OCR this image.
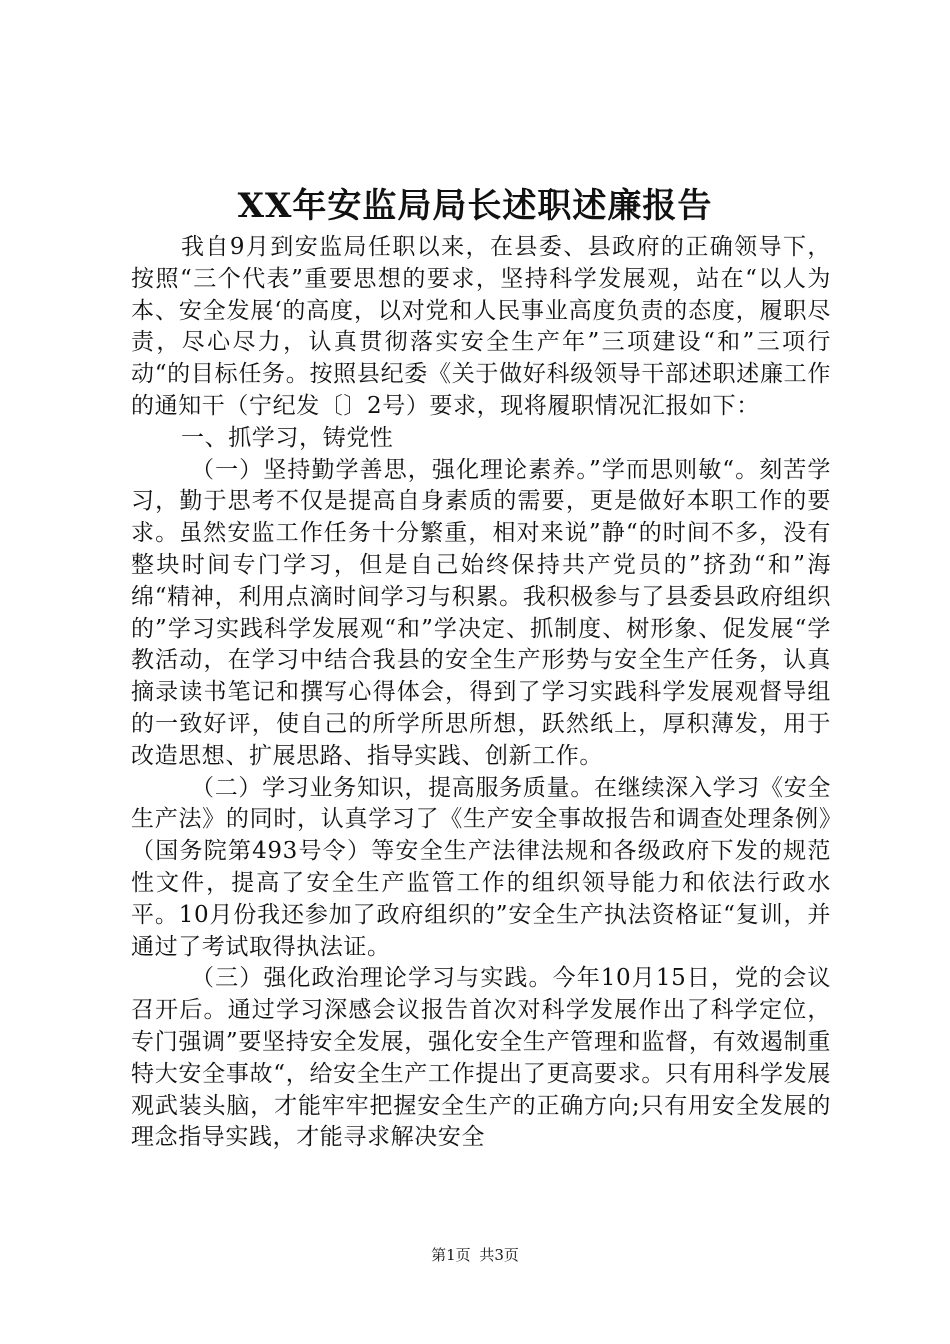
XX年安监局局长述职述廉报告

我自9月到安监局任职以来，在县委、县政府的正确领导下，按照“三个代表”重要思想的要求，坚持科学发展观，站在“以人为本、安全发展‘的高度，以对党和人民事业高度负责的态度，履职尽责，尽心尽力，认真贯彻落实安全生产年”三项建设“和”三项行动“的目标任务。按照县纪委《关于做好科级领导干部述职述廉工作的通知干（宁纪发〔〕2号）要求，现将履职情况汇报如下：

一、抓学习，铸党性

（一）坚持勤学善思，强化理论素养。”学而思则敏“。刻苦学习，勤于思考不仅是提高自身素质的需要，更是做好本职工作的要求。虽然安监工作任务十分繁重，相对来说”静“的时间不多，没有整块时间专门学习，但是自己始终保持共产党员的”挤劲“和”海绵“精神，利用点滴时间学习与积累。我积极参与了县委县政府组织的”学习实践科学发展观“和”学决定、抓制度、树形象、促发展“学教活动，在学习中结合我县的安全生产形势与安全生产任务，认真摘录读书笔记和撰写心得体会，得到了学习实践科学发展观督导组的一致好评，使自己的所学所思所想，跃然纸上，厚积薄发，用于改造思想、扩展思路、指导实践、创新工作。

（二）学习业务知识，提高服务质量。在继续深入学习《安全生产法》的同时，认真学习了《生产安全事故报告和调查处理条例》（国务院第493号令）等安全生产法律法规和各级政府下发的规范性文件，提高了安全生产监管工作的组织领导能力和依法行政水平。10月份我还参加了政府组织的”安全生产执法资格证“复训，并通过了考试取得执法证。

（三）强化政治理论学习与实践。今年10月15日，党的会议召开后。通过学习深感会议报告首次对科学发展作出了科学定位，专门强调”要坚持安全发展，强化安全生产管理和监督，有效遏制重特大安全事故“，给安全生产工作提出了更高要求。只有用科学发展观武装头脑，才能牢牢把握安全生产的正确方向;只有用安全发展的理念指导实践，才能寻求解决安全

第1页 共3页
